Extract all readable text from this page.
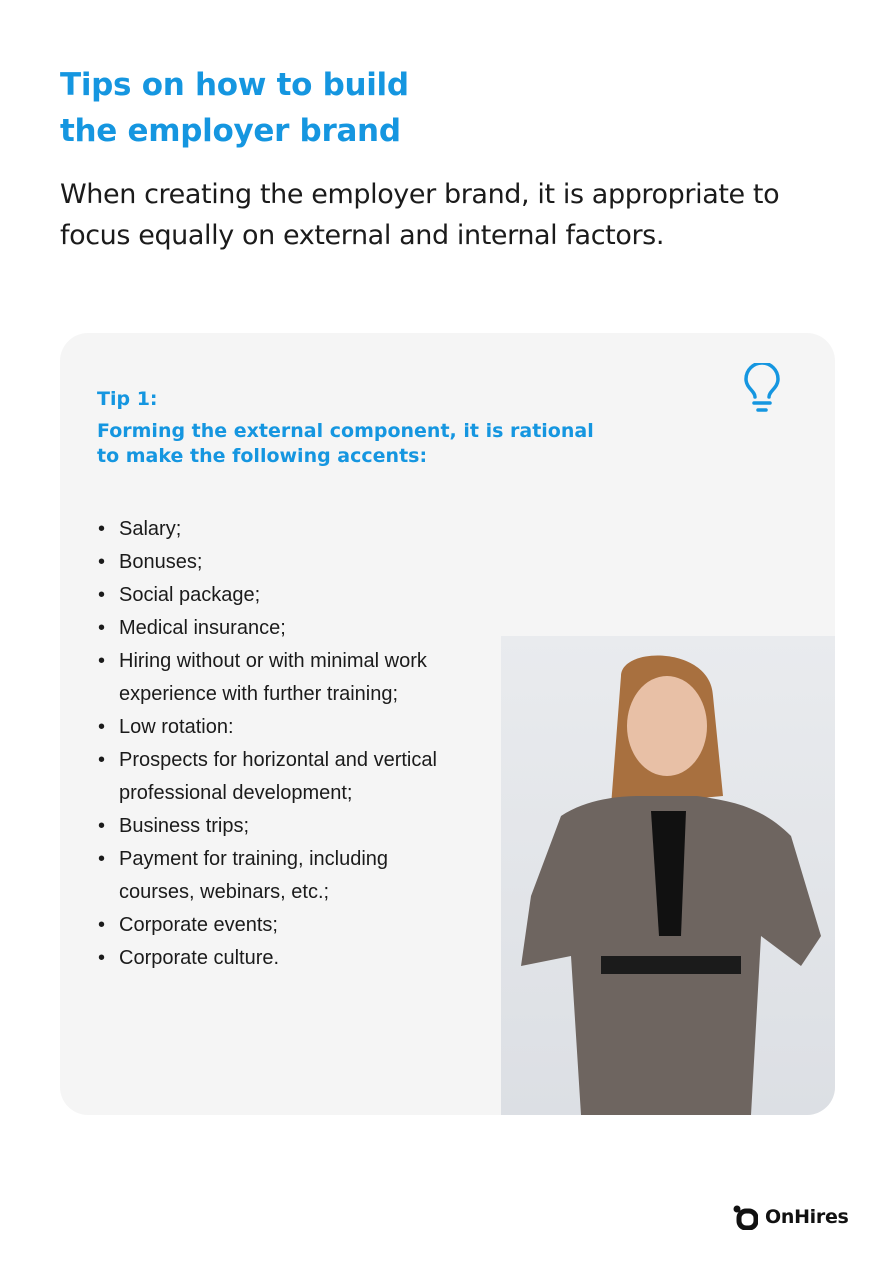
Tips on how to build
the employer brand

When creating the employer brand, it is appropriate to focus equally on external and internal factors.

Tip 1:
Forming the external component, it is rational
to make the following accents:
• Salary;
• Bonuses;
• Social package;
• Medical insurance;
• Hiring without or with minimal work experience with further training;
• Low rotation:
• Prospects for horizontal and vertical professional development;
• Business trips;
• Payment for training, including courses, webinars, etc.;
• Corporate events;
• Corporate culture.
OnHires
